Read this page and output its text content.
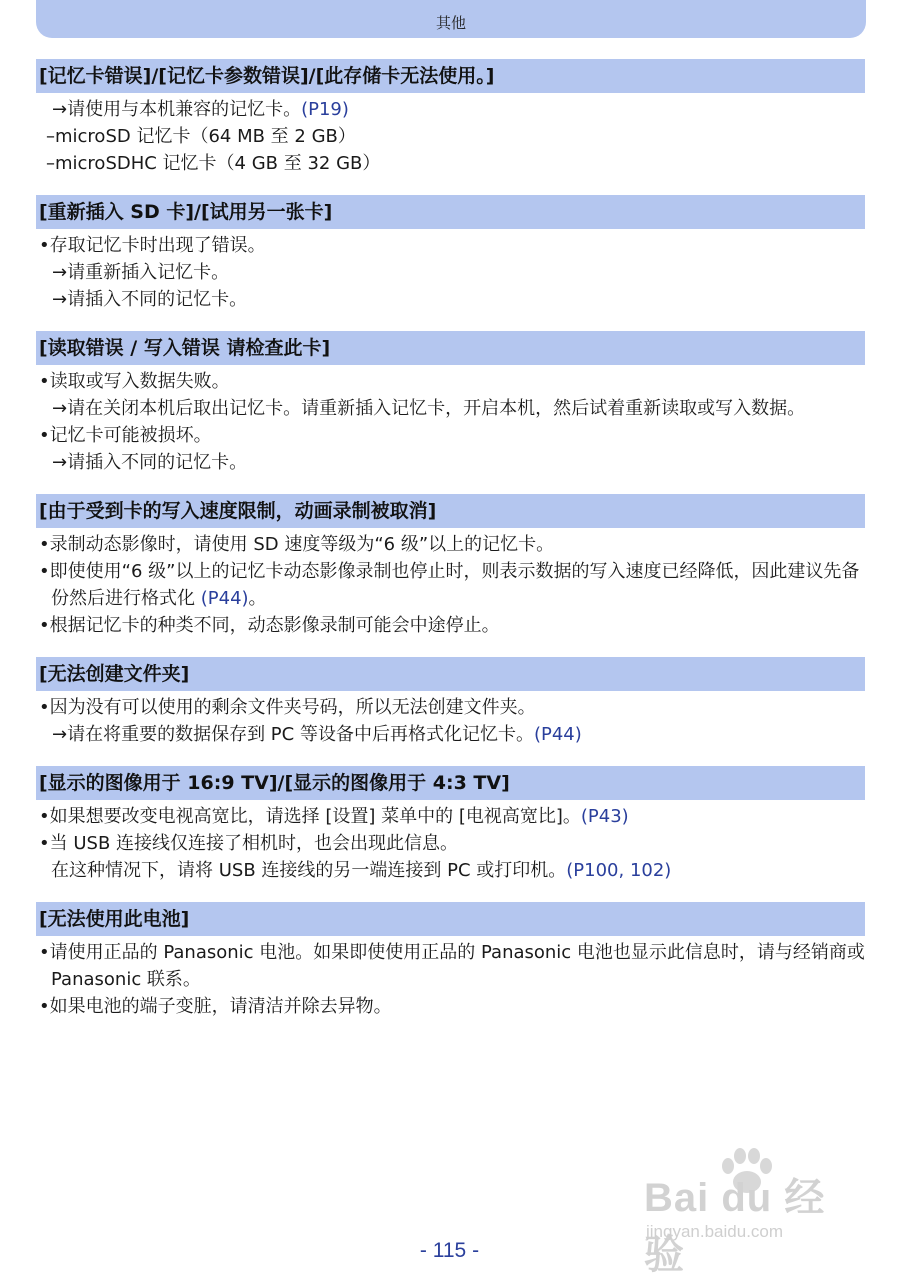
其他
[记忆卡错误]/[记忆卡参数错误]/[此存储卡无法使用。]
→请使用与本机兼容的记忆卡。(P19)
–microSD 记忆卡（64 MB 至 2 GB）
–microSDHC 记忆卡（4 GB 至 32 GB）
[重新插入 SD 卡]/[试用另一张卡]
•存取记忆卡时出现了错误。
→请重新插入记忆卡。
→请插入不同的记忆卡。
[读取错误 / 写入错误 请检查此卡]
•读取或写入数据失败。
→请在关闭本机后取出记忆卡。请重新插入记忆卡，开启本机，然后试着重新读取或写入数据。
•记忆卡可能被损坏。
→请插入不同的记忆卡。
[由于受到卡的写入速度限制，动画录制被取消]
•录制动态影像时，请使用 SD 速度等级为“6 级”以上的记忆卡。
•即使使用“6 级”以上的记忆卡动态影像录制也停止时，则表示数据的写入速度已经降低，因此建议先备份然后进行格式化 (P44)。
•根据记忆卡的种类不同，动态影像录制可能会中途停止。
[无法创建文件夹]
•因为没有可以使用的剩余文件夹号码，所以无法创建文件夹。
→请在将重要的数据保存到 PC 等设备中后再格式化记忆卡。(P44)
[显示的图像用于 16:9 TV]/[显示的图像用于 4:3 TV]
•如果想要改变电视高宽比，请选择 [设置] 菜单中的 [电视高宽比]。(P43)
•当 USB 连接线仅连接了相机时，也会出现此信息。
在这种情况下，请将 USB 连接线的另一端连接到 PC 或打印机。(P100, 102)
[无法使用此电池]
•请使用正品的 Panasonic 电池。如果即使使用正品的 Panasonic 电池也显示此信息时，请与经销商或 Panasonic 联系。
•如果电池的端子变脏，请清洁并除去异物。
Bai du 经验
jingyan.baidu.com
- 115 -
